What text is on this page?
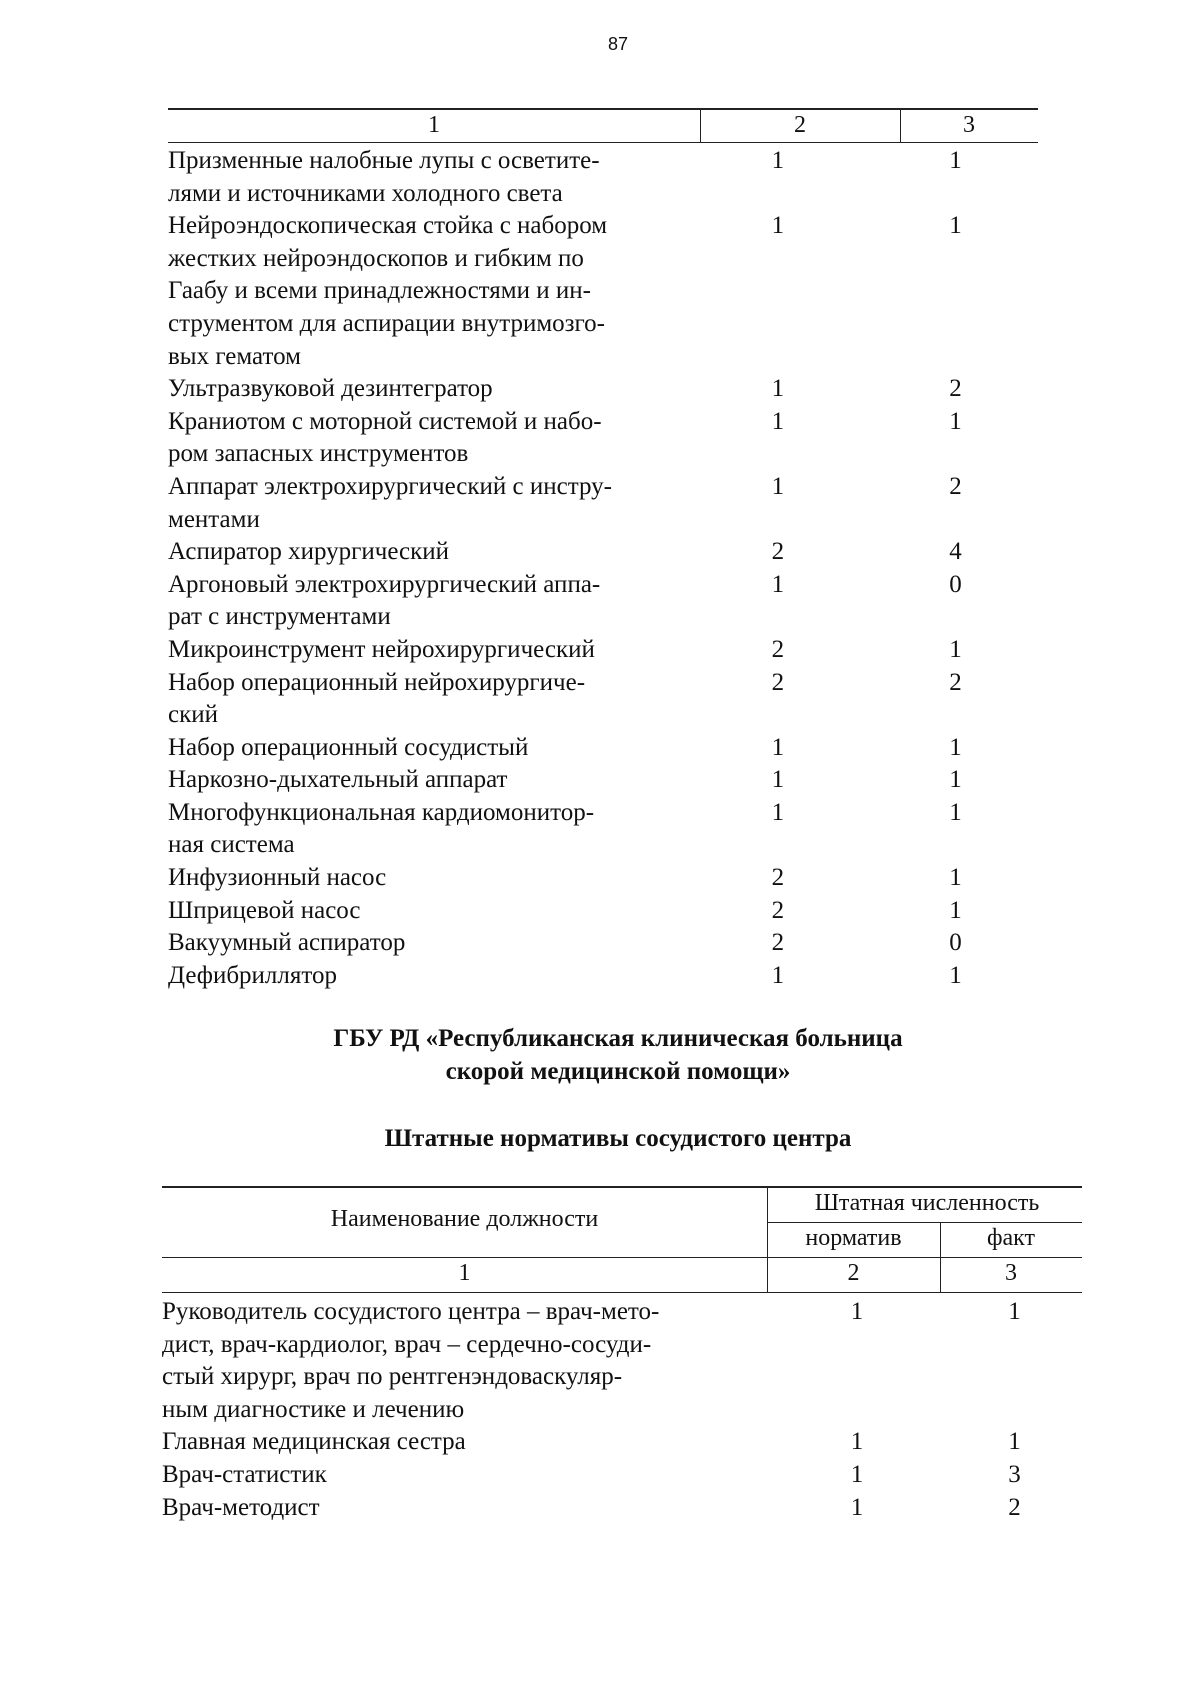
87
1	2	3
Призменные налобные лупы с осветите-
лями и источниками холодного света
1	1
Нейроэндоскопическая стойка с набором
жестких нейроэндоскопов и гибким по
Гаабу и всеми принадлежностями и ин-
струментом для аспирации внутримозго-
вых гематом
1	1
Ультразвуковой дезинтегратор	1	2
Краниотом с моторной системой и набо-
ром запасных инструментов
1	1
Аппарат электрохирургический с инстру-
ментами
1	2
Аспиратор хирургический	2	4
Аргоновый электрохирургический аппа-
рат с инструментами
1	0
Микроинструмент нейрохирургический	2	1
Набор операционный нейрохирургиче-
ский
2	2
Набор операционный сосудистый	1	1
Наркозно-дыхательный аппарат	1	1
Многофункциональная кардиомонитор-
ная система
1	1
Инфузионный насос	2	1
Шприцевой насос	2	1
Вакуумный аспиратор	2	0
Дефибриллятор	1	1
ГБУ РД «Республиканская клиническая больница
скорой медицинской помощи»
Штатные нормативы сосудистого центра
Наименование должности
Штатная численность
норматив	факт
1	2	3
Руководитель сосудистого центра – врач-мето-
дист, врач-кардиолог, врач – сердечно-сосуди-
стый хирург, врач по рентгенэндоваскуляр-
ным диагностике и лечению
1	1
Главная медицинская сестра	1	1
Врач-статистик	1	3
Врач-методист	1	2
